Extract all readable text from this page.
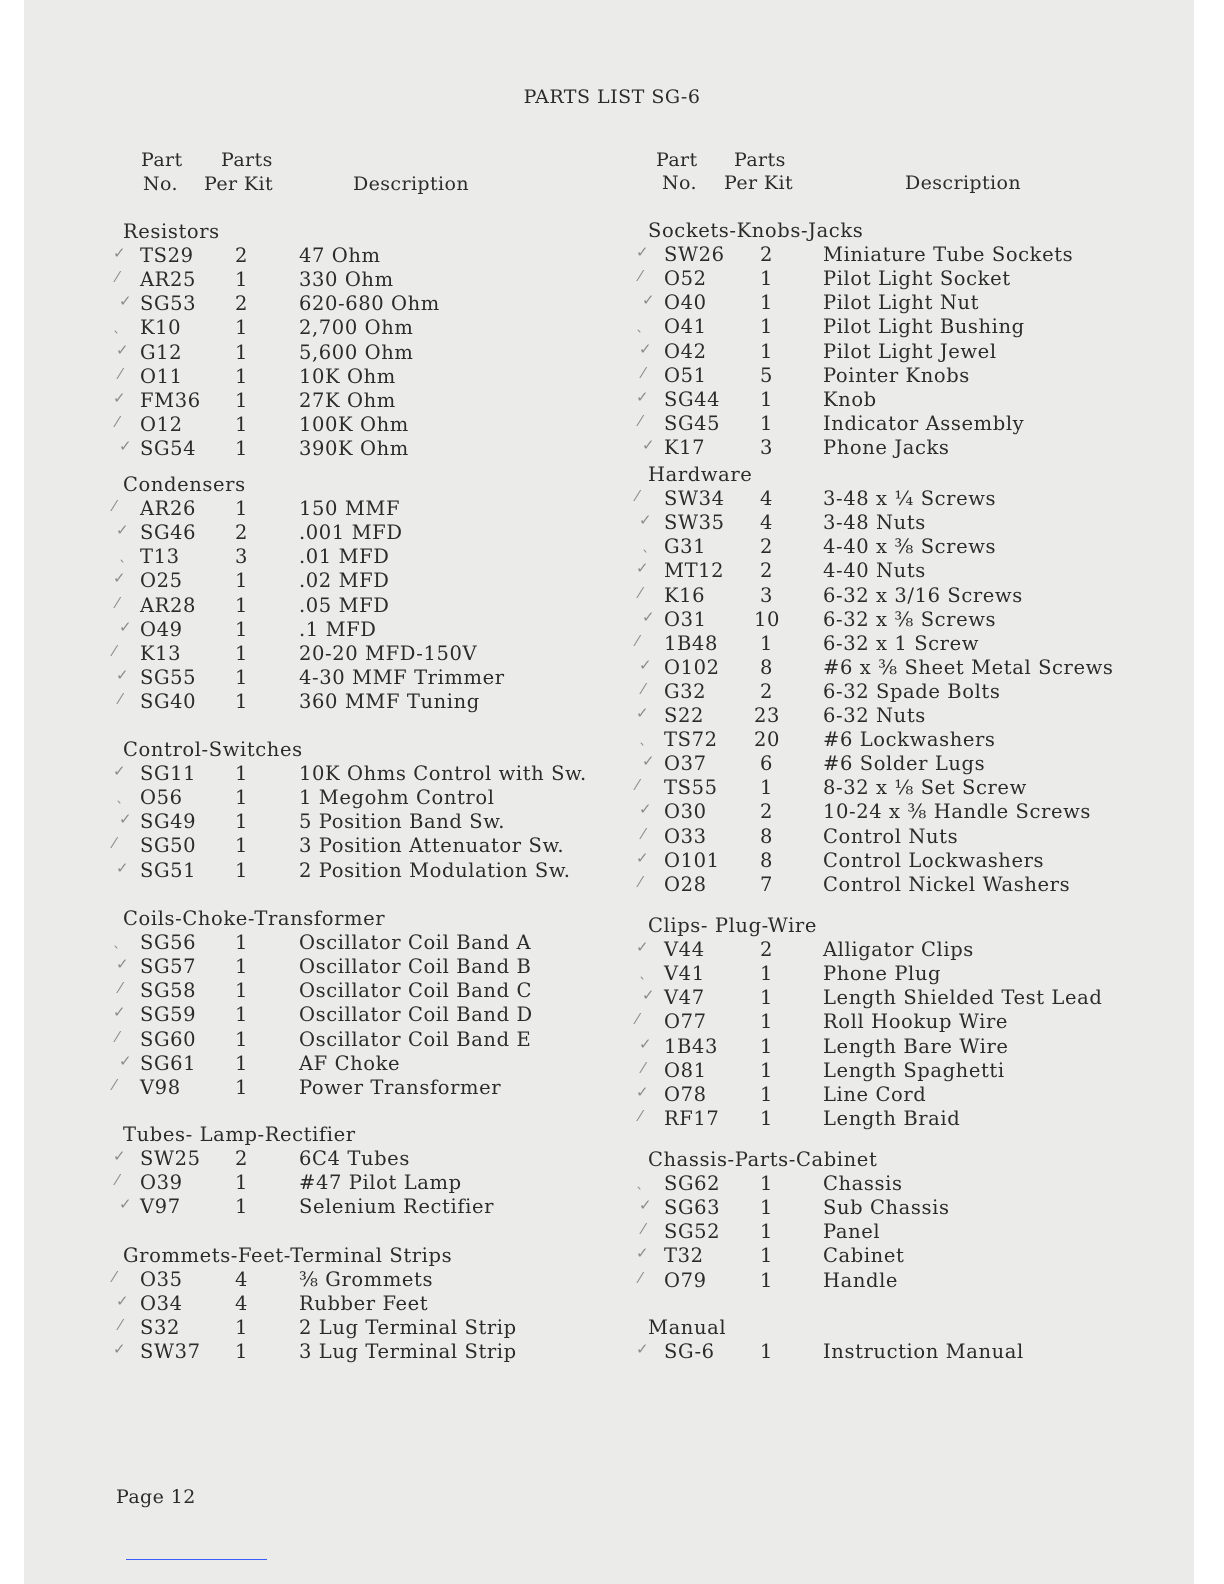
PARTS LIST SG-6
Part
No.
Parts
Per Kit	Description
Part
No.
Parts
Per Kit	Description
Resistors
✓ TS29 2	47 Ohm
⁄ AR25 1	330 Ohm
✓ SG53 2	620-680 Ohm
ˎ K10	1	2,700 Ohm
✓ G12	1	5,600 Ohm
⁄ O11	1	10K Ohm
✓ FM36 1	27K Ohm
⁄ O12	1	100K Ohm
✓ SG54 1	390K Ohm
Condensers
⁄ AR26 1	150 MMF
✓ SG46 2	.001 MFD
ˎ T13	3	.01 MFD
✓ O25	1	.02 MFD
⁄ AR28 1	.05 MFD
✓ O49	1	.1 MFD
⁄ K13	1	20-20 MFD-150V
✓ SG55 1	4-30 MMF Trimmer
⁄ SG40 1	360 MMF Tuning
Control-Switches
✓ SG11 1	10K Ohms Control with Sw.
ˎ O56	1	1 Megohm Control
✓ SG49 1	5 Position Band Sw.
⁄ SG50 1	3 Position Attenuator Sw.
✓ SG51 1	2 Position Modulation Sw.
Coils-Choke-Transformer
ˎ SG56 1	Oscillator Coil Band A
✓ SG57 1	Oscillator Coil Band B
⁄ SG58 1	Oscillator Coil Band C
✓ SG59 1	Oscillator Coil Band D
⁄ SG60 1	Oscillator Coil Band E
✓ SG61 1	AF Choke
⁄ V98	1	Power Transformer
Tubes- Lamp-Rectifier
✓ SW25 2	6C4 Tubes
⁄ O39	1	#47 Pilot Lamp
✓ V97	1	Selenium Rectifier
Grommets-Feet-Terminal Strips
⁄ O35	4	⅜ Grommets
✓ O34	4	Rubber Feet
⁄ S32	1	2 Lug Terminal Strip
✓ SW37 1	3 Lug Terminal Strip
Sockets-Knobs-Jacks
✓ SW26 2	Miniature Tube Sockets
⁄ O52	1	Pilot Light Socket
✓ O40	1	Pilot Light Nut
ˎ O41	1	Pilot Light Bushing
✓ O42	1	Pilot Light Jewel
⁄ O51	5	Pointer Knobs
✓ SG44 1	Knob
⁄ SG45 1	Indicator Assembly
✓ K17	3	Phone Jacks
Hardware
⁄ SW34 4	3-48 x ¼ Screws
✓ SW35 4	3-48 Nuts
ˎ G31	2	4-40 x ⅜ Screws
✓ MT12 2	4-40 Nuts
⁄ K16	3	6-32 x 3/16 Screws
✓ O31 10 6-32 x ⅜ Screws
⁄ 1B48 1	6-32 x 1 Screw
✓ O102 8	#6 x ⅜ Sheet Metal Screws
⁄ G32	2	6-32 Spade Bolts
✓ S22	23 6-32 Nuts
ˎ TS72 20 #6 Lockwashers
✓ O37	6	#6 Solder Lugs
⁄ TS55 1	8-32 x ⅛ Set Screw
✓ O30	2	10-24 x ⅜ Handle Screws
⁄ O33	8	Control Nuts
✓ O101 8	Control Lockwashers
⁄ O28	7	Control Nickel Washers
Clips- Plug-Wire
✓ V44	2	Alligator Clips
ˎ V41	1	Phone Plug
✓ V47	1	Length Shielded Test Lead
⁄ O77	1	Roll Hookup Wire
✓ 1B43 1	Length Bare Wire
⁄ O81	1	Length Spaghetti
✓ O78	1	Line Cord
⁄ RF17 1	Length Braid
Chassis-Parts-Cabinet
ˎ SG62 1	Chassis
✓ SG63 1	Sub Chassis
⁄ SG52 1	Panel
✓ T32	1	Cabinet
⁄ O79	1	Handle
Manual
✓ SG-6 1	Instruction Manual
Page 12
